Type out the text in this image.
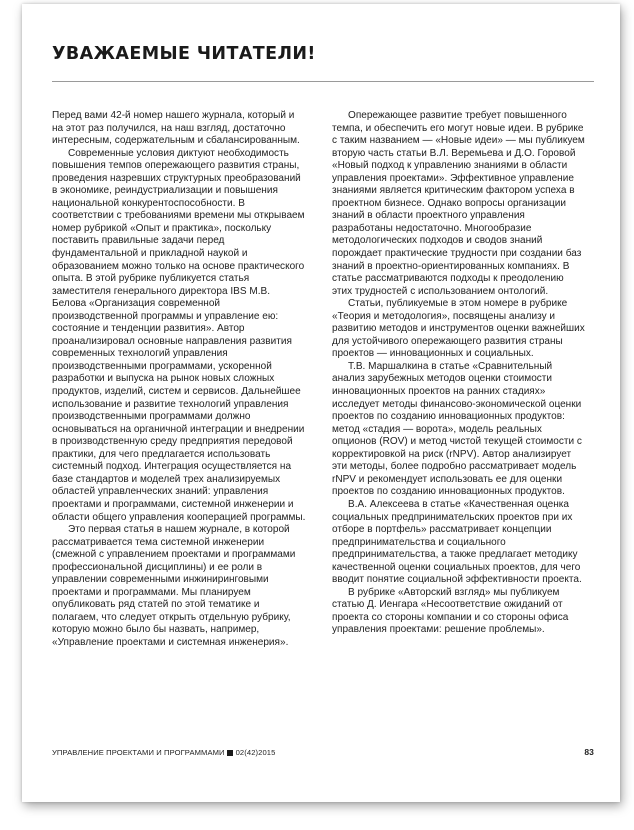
УВАЖАЕМЫЕ ЧИТАТЕЛИ!

Перед вами 42-й номер нашего журнала, который и на этот раз получился, на наш взгляд, достаточно интересным, содержательным и сбалансированным.

Современные условия диктуют необходимость повышения темпов опережающего развития страны, проведения назревших структурных преобразований в экономике, реиндустриализации и повышения национальной конкурентоспособности. В соответствии с требованиями времени мы открываем номер рубрикой «Опыт и практика», поскольку поставить правильные задачи перед фундаментальной и прикладной наукой и образованием можно только на основе практического опыта. В этой рубрике публикуется статья заместителя генерального директора IBS М.В. Белова «Организация современной производственной программы и управление ею: состояние и тенденции развития». Автор проанализировал основные направления развития современных технологий управления производственными программами, ускоренной разработки и выпуска на рынок новых сложных продуктов, изделий, систем и сервисов. Дальнейшее использование и развитие технологий управления производственными программами должно основываться на органичной интеграции и внедрении в производственную среду предприятия передовой практики, для чего предлагается использовать системный подход. Интеграция осуществляется на базе стандартов и моделей трех анализируемых областей управленческих знаний: управления проектами и программами, системной инженерии и области общего управления кооперацией программы.

Это первая статья в нашем журнале, в которой рассматривается тема системной инженерии (смежной с управлением проектами и программами профессиональной дисциплины) и ее роли в управлении современными инжиниринговыми проектами и программами. Мы планируем опубликовать ряд статей по этой тематике и полагаем, что следует открыть отдельную рубрику, которую можно было бы назвать, например, «Управление проектами и системная инженерия».

Опережающее развитие требует повышенного темпа, и обеспечить его могут новые идеи. В рубрике с таким названием — «Новые идеи» — мы публикуем вторую часть статьи В.Л. Веремьева и Д.О. Горовой «Новый подход к управлению знаниями в области управления проектами». Эффективное управление знаниями является критическим фактором успеха в проектном бизнесе. Однако вопросы организации знаний в области проектного управления разработаны недостаточно. Многообразие методологических подходов и сводов знаний порождает практические трудности при создании баз знаний в проектно-ориентированных компаниях. В статье рассматриваются подходы к преодолению этих трудностей с использованием онтологий.

Статьи, публикуемые в этом номере в рубрике «Теория и методология», посвящены анализу и развитию методов и инструментов оценки важнейших для устойчивого опережающего развития страны проектов — инновационных и социальных.

Т.В. Маршалкина в статье «Сравнительный анализ зарубежных методов оценки стоимости инновационных проектов на ранних стадиях» исследует методы финансово-экономической оценки проектов по созданию инновационных продуктов: метод «стадия — ворота», модель реальных опционов (ROV) и метод чистой текущей стоимости с корректировкой на риск (rNPV). Автор анализирует эти методы, более подробно рассматривает модель rNPV и рекомендует использовать ее для оценки проектов по созданию инновационных продуктов.

В.А. Алексеева в статье «Качественная оценка социальных предпринимательских проектов при их отборе в портфель» рассматривает концепции предпринимательства и социального предпринимательства, а также предлагает методику качественной оценки социальных проектов, для чего вводит понятие социальной эффективности проекта.

В рубрике «Авторский взгляд» мы публикуем статью Д. Иенгара «Несоответствие ожиданий от проекта со стороны компании и со стороны офиса управления проектами: решение проблемы».

УПРАВЛЕНИЕ ПРОЕКТАМИ И ПРОГРАММАМИ 02(42)2015	83
